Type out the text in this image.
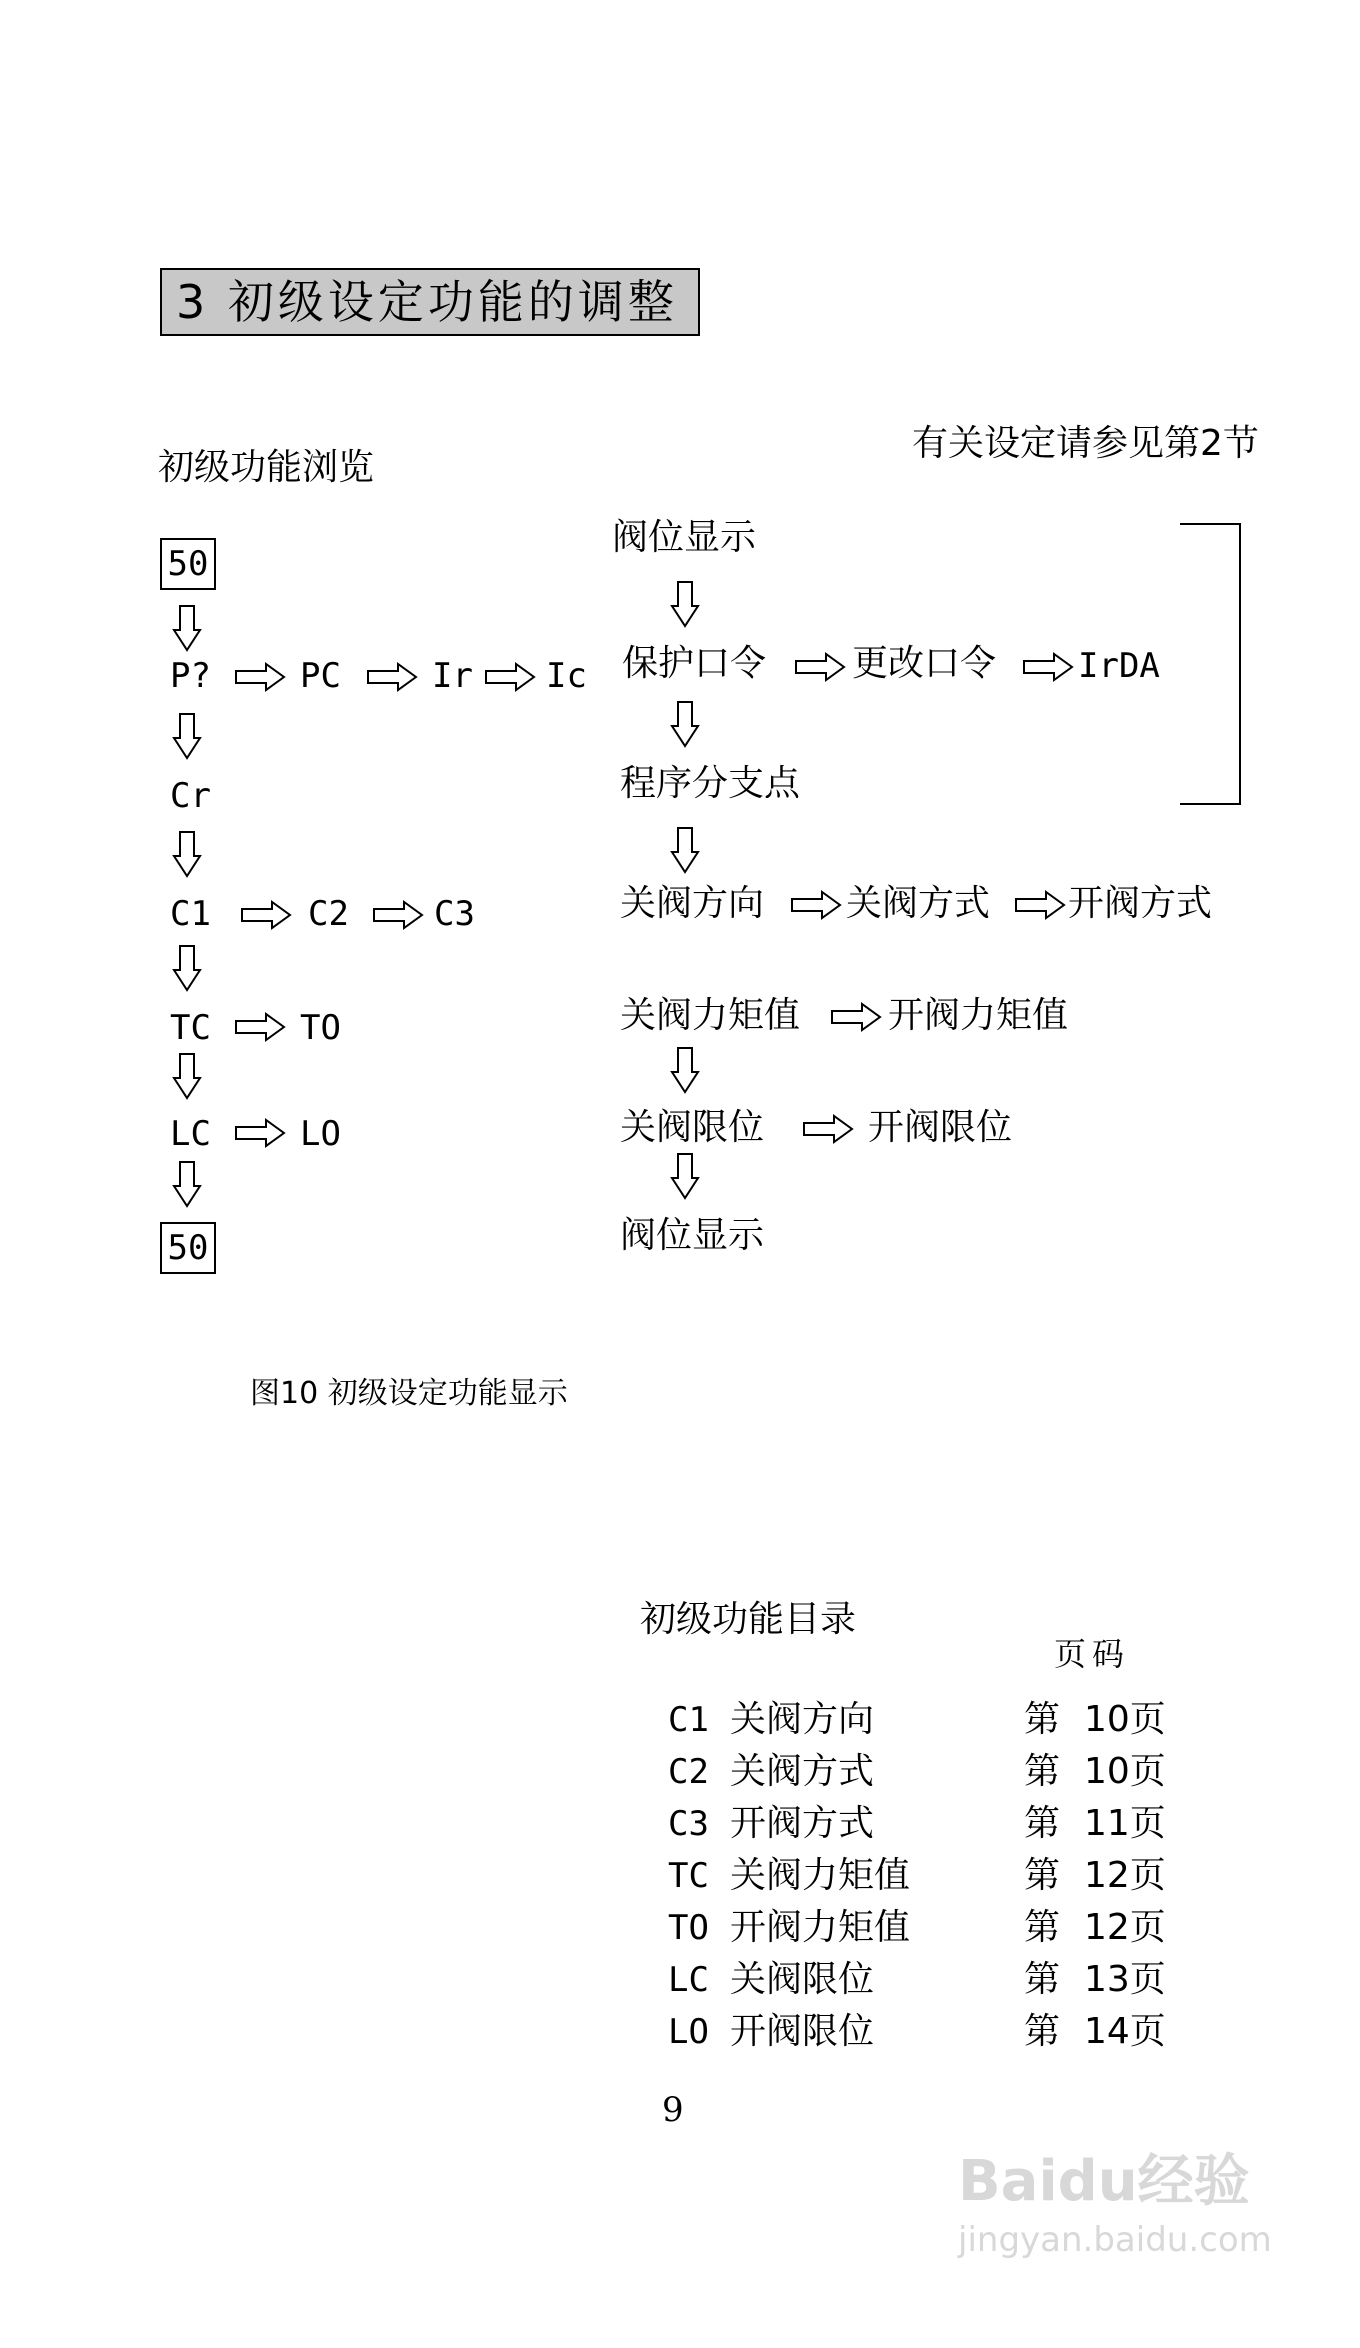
3 初级设定功能的调整
初级功能浏览
有关设定请参见第2节
50
P?	PC	Ir Ic
Cr
C1	C2	C3
TC	TO
LC	LO
50
阀位显示
保护口令 更改口令 IrDA
程序分支点
关阀方向 关阀方式 开阀方式
关阀力矩值 开阀力矩值
关阀限位	开阀限位
阀位显示
图10 初级设定功能显示
初级功能目录
页码
C1 关阀方向	第 10页
C2 关阀方式	第 10页
C3 开阀方式	第 11页
TC 关阀力矩值	第 12页
TO 开阀力矩值	第 12页
LC 关阀限位	第 13页
LO 开阀限位	第 14页
9
Baidu经验
jingyan.baidu.com
